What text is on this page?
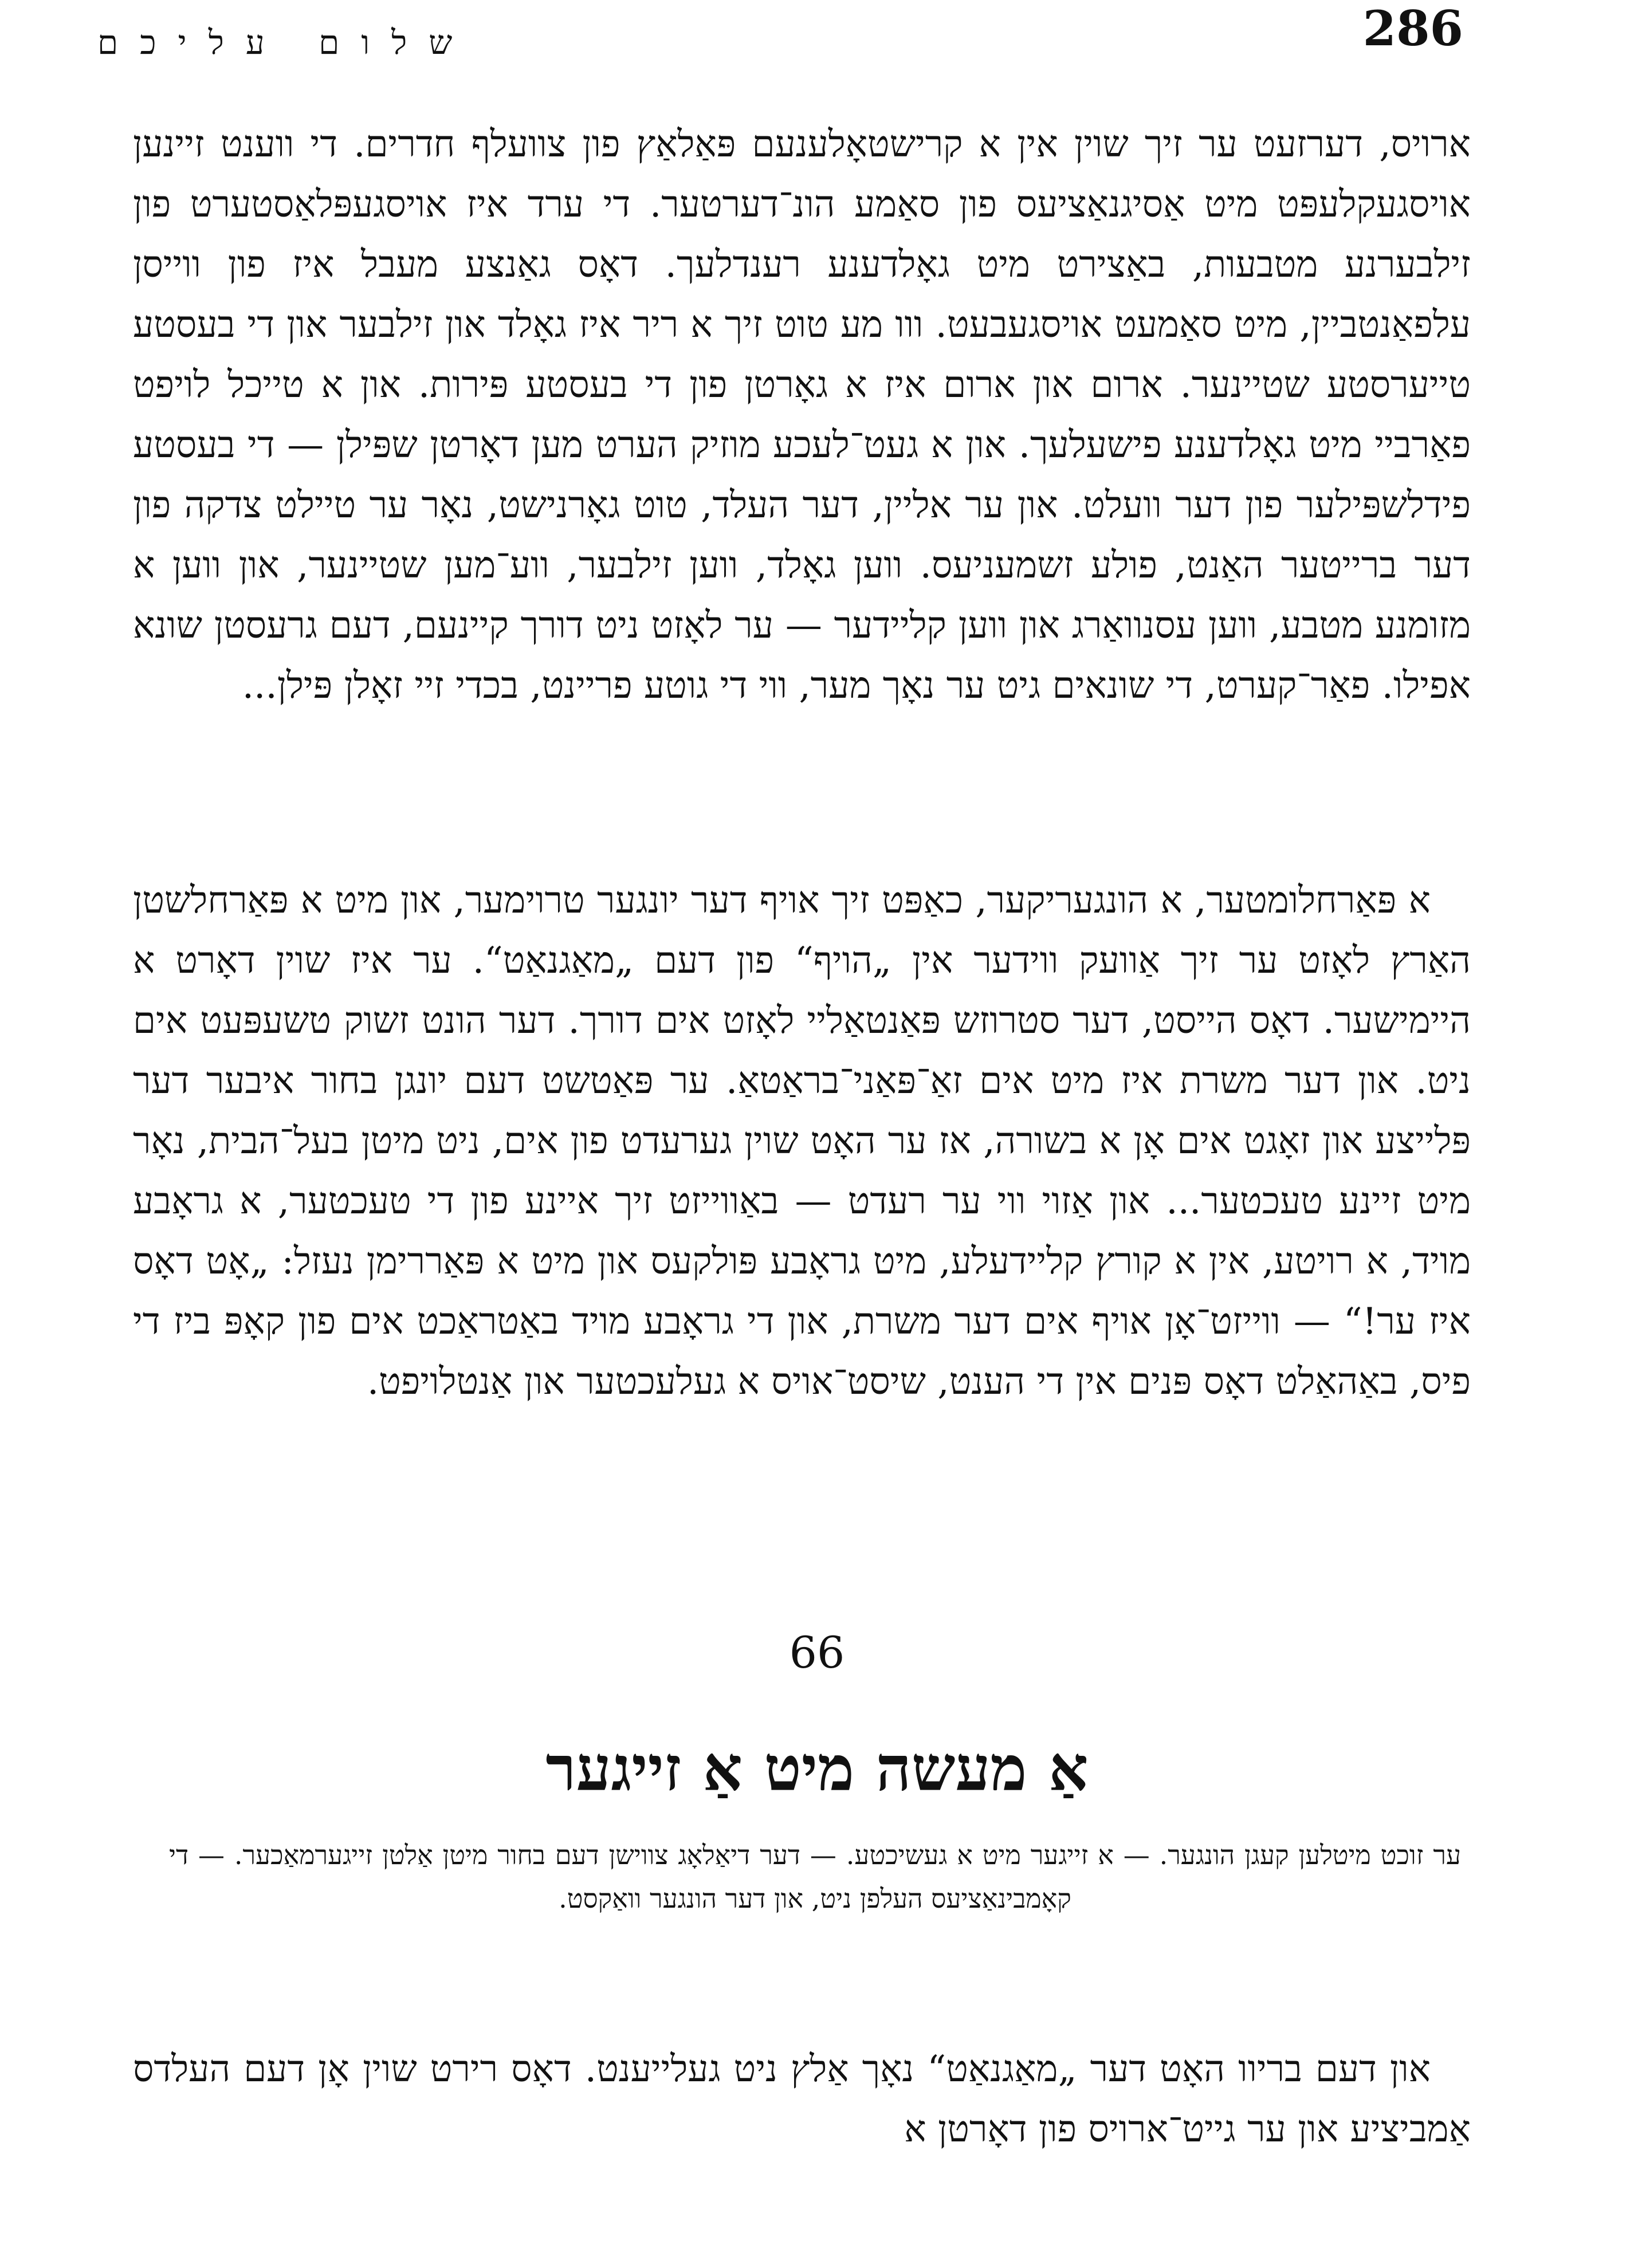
שלום עליכם	286

ארויס, דערזעט ער זיך שוין אין א קרישטאָלענעם פּאַלאַץ פון צוועלף חדרים. די ווענט זיינען אויסגעקלעפּט מיט אַסיגנאַציעס פון סאַמע הונ־דערטער. די ערד איז אויסגעפּלאַסטערט פון זילבערנע מטבעות, באַצירט מיט גאָלדענע רענדלעך. דאָס גאַנצע מעבל איז פון ווייסן עלפאַנטביין, מיט סאַמעט אויסגעבעט. ווו מע טוט זיך א ריר איז גאָלד און זילבער און די בעסטע טייערסטע שטיינער. ארום און ארום איז א גאָרטן פון די בעסטע פּירות. און א טייכל לויפט פאַרביי מיט גאָלדענע פישעלעך. און א געט־לעכע מוזיק הערט מען דאָרטן שפּילן — די בעסטע פידלשפּילער פון דער וועלט. און ער אליין, דער העלד, טוט גאָרנישט, נאָר ער טיילט צדקה פון דער ברייטער האַנט, פולע זשמעניעס. ווען גאָלד, ווען זילבער, ווע־מען שטיינער, און ווען א מזומנע מטבע, ווען עסנוואַרג און ווען קליידער — ער לאָזט ניט דורך קיינעם, דעם גרעסטן שונא אפילו. פאַר־קערט, די שונאים גיט ער נאָך מער, ווי די גוטע פריינט, בכדי זיי זאָלן פּילן...

א פּאַרחלומטער, א הונגעריקער, כאַפּט זיך אויף דער יונגער טרוימער, און מיט א פּאַרחלשטן האַרץ לאָזט ער זיך אַוועק ווידער אין „הויף“ פון דעם „מאַגנאַט“. ער איז שוין דאָרט א היימישער. דאָס הייסט, דער סטרוזש פּאַנטאַליי לאָזט אים דורך. דער הונט זשוק טשעפּעט אים ניט. און דער משרת איז מיט אים זאַ־פּאַני־בראַטאַ. ער פּאַטשט דעם יונגן בחור איבער דער פּלייצע און זאָגט אים אָן א בשורה, אז ער האָט שוין גערעדט פון אים, ניט מיטן בעל־הבית, נאָר מיט זיינע טעכטער... און אַזוי ווי ער רעדט — באַווייזט זיך איינע פון די טעכטער, א גראָבע מויד, א רויטע, אין א קורץ קליידעלע, מיט גראָבע פּולקעס און מיט א פּאַררימן נעזל: „אָט דאָס איז ער!“ — ווייזט־אָן אויף אים דער משרת, און די גראָבע מויד באַטראַכט אים פון קאָפּ ביז די פיס, באַהאַלט דאָס פּנים אין די הענט, שיסט־אויס א געלעכטער און אַנטלויפט.

66
אַ מעשה מיט אַ זייגער
ער זוכט מיטלען קעגן הונגער. — א זייגער מיט א געשיכטע. — דער דיאַלאָג צווישן דעם בחור מיטן אַלטן זייגערמאַכער. — די קאָמבינאַציעס העלפן ניט, און דער הונגער וואַקסט.

און דעם בריוו האָט דער „מאַגנאַט“ נאָך אַלץ ניט געלייענט. דאָס רירט שוין אָן דעם העלדס אַמביציע און ער גייט־ארויס פון דאָרטן א
